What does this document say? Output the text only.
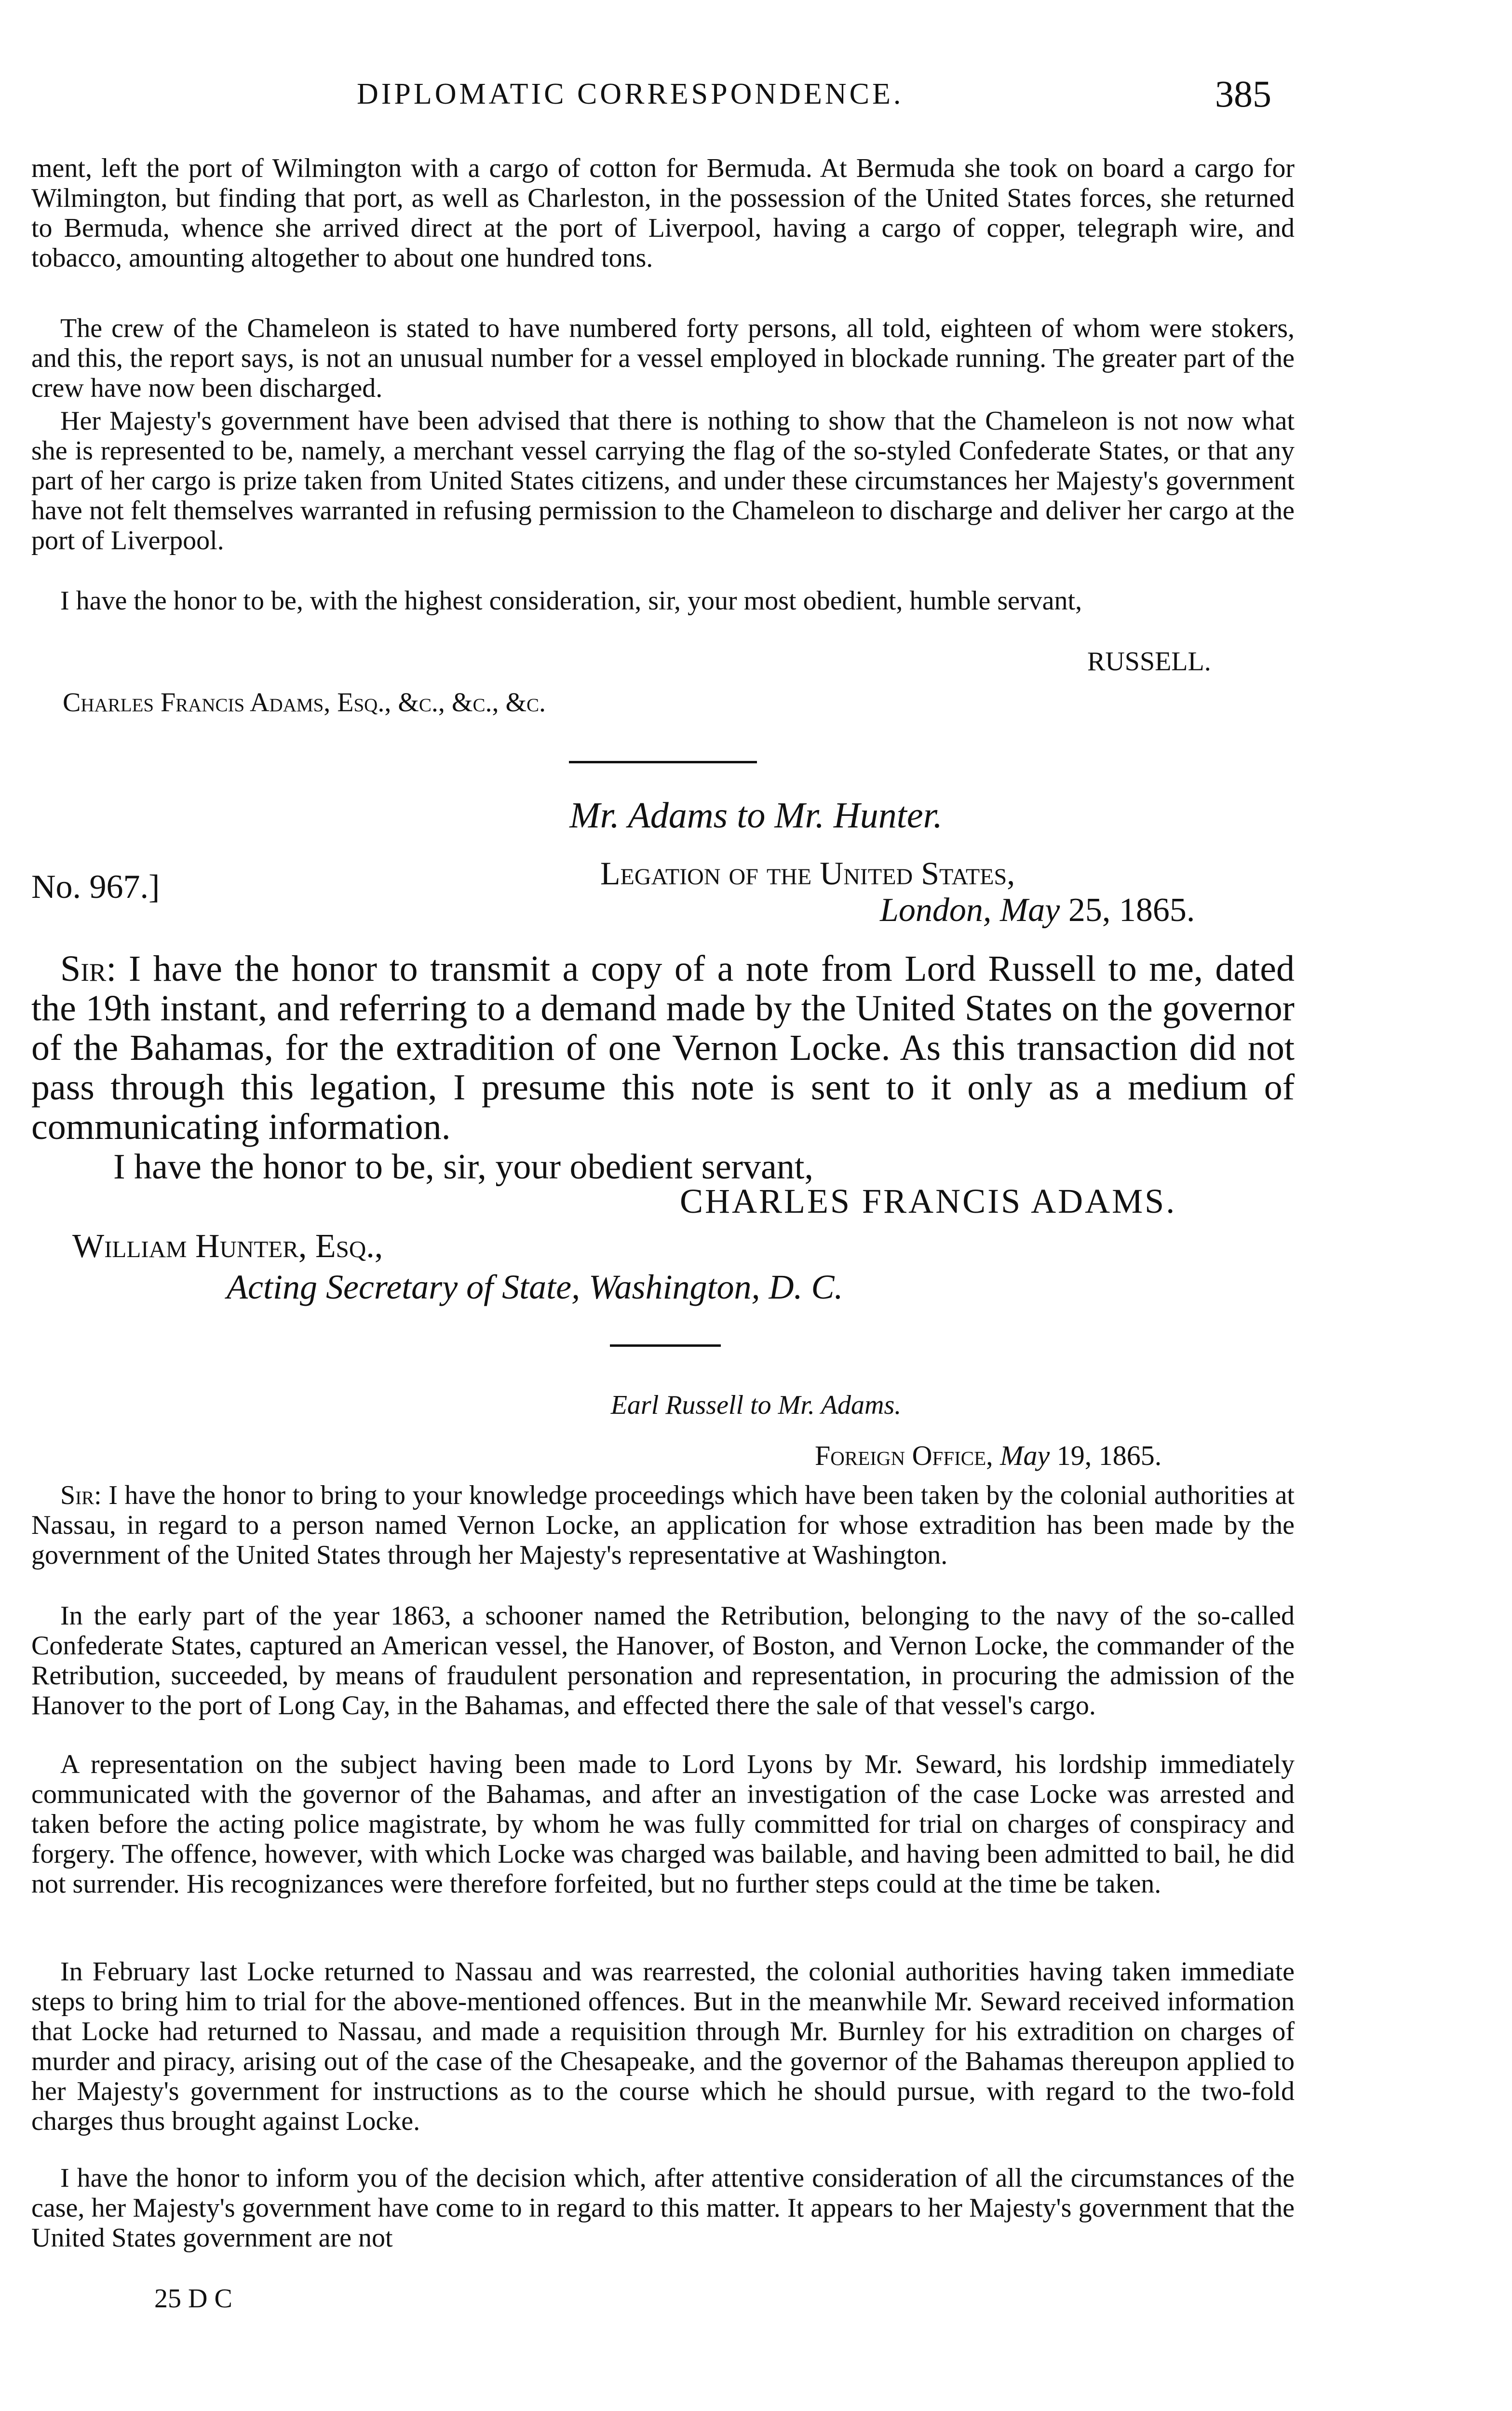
DIPLOMATIC CORRESPONDENCE.	385

ment, left the port of Wilmington with a cargo of cotton for Bermuda. At Bermuda she took on board a cargo for Wilmington, but finding that port, as well as Charleston, in the possession of the United States forces, she returned to Bermuda, whence she arrived direct at the port of Liverpool, having a cargo of copper, telegraph wire, and tobacco, amounting altogether to about one hundred tons.

The crew of the Chameleon is stated to have numbered forty persons, all told, eighteen of whom were stokers, and this, the report says, is not an unusual number for a vessel employed in blockade running. The greater part of the crew have now been discharged.

Her Majesty's government have been advised that there is nothing to show that the Chameleon is not now what she is represented to be, namely, a merchant vessel carrying the flag of the so-styled Confederate States, or that any part of her cargo is prize taken from United States citizens, and under these circumstances her Majesty's government have not felt themselves warranted in refusing permission to the Chameleon to discharge and deliver her cargo at the port of Liverpool.

I have the honor to be, with the highest consideration, sir, your most obedient, humble servant,

RUSSELL.
Charles Francis Adams, Esq., &c., &c., &c.
Mr. Adams to Mr. Hunter.
No. 967.]	Legation of the United States,
London, May 25, 1865.

Sir: I have the honor to transmit a copy of a note from Lord Russell to me, dated the 19th instant, and referring to a demand made by the United States on the governor of the Bahamas, for the extradition of one Vernon Locke. As this transaction did not pass through this legation, I presume this note is sent to it only as a medium of communicating information.

I have the honor to be, sir, your obedient servant,
CHARLES FRANCIS ADAMS.
William Hunter, Esq.,
Acting Secretary of State, Washington, D. C.
Earl Russell to Mr. Adams.
Foreign Office, May 19, 1865.

Sir: I have the honor to bring to your knowledge proceedings which have been taken by the colonial authorities at Nassau, in regard to a person named Vernon Locke, an application for whose extradition has been made by the government of the United States through her Majesty's representative at Washington.

In the early part of the year 1863, a schooner named the Retribution, belonging to the navy of the so-called Confederate States, captured an American vessel, the Hanover, of Boston, and Vernon Locke, the commander of the Retribution, succeeded, by means of fraudulent personation and representation, in procuring the admission of the Hanover to the port of Long Cay, in the Bahamas, and effected there the sale of that vessel's cargo.

A representation on the subject having been made to Lord Lyons by Mr. Seward, his lordship immediately communicated with the governor of the Bahamas, and after an investigation of the case Locke was arrested and taken before the acting police magistrate, by whom he was fully committed for trial on charges of conspiracy and forgery. The offence, however, with which Locke was charged was bailable, and having been admitted to bail, he did not surrender. His recognizances were therefore forfeited, but no further steps could at the time be taken.

In February last Locke returned to Nassau and was rearrested, the colonial authorities having taken immediate steps to bring him to trial for the above-mentioned offences. But in the meanwhile Mr. Seward received information that Locke had returned to Nassau, and made a requisition through Mr. Burnley for his extradition on charges of murder and piracy, arising out of the case of the Chesapeake, and the governor of the Bahamas thereupon applied to her Majesty's government for instructions as to the course which he should pursue, with regard to the two-fold charges thus brought against Locke.

I have the honor to inform you of the decision which, after attentive consideration of all the circumstances of the case, her Majesty's government have come to in regard to this matter. It appears to her Majesty's government that the United States government are not

25 D C
